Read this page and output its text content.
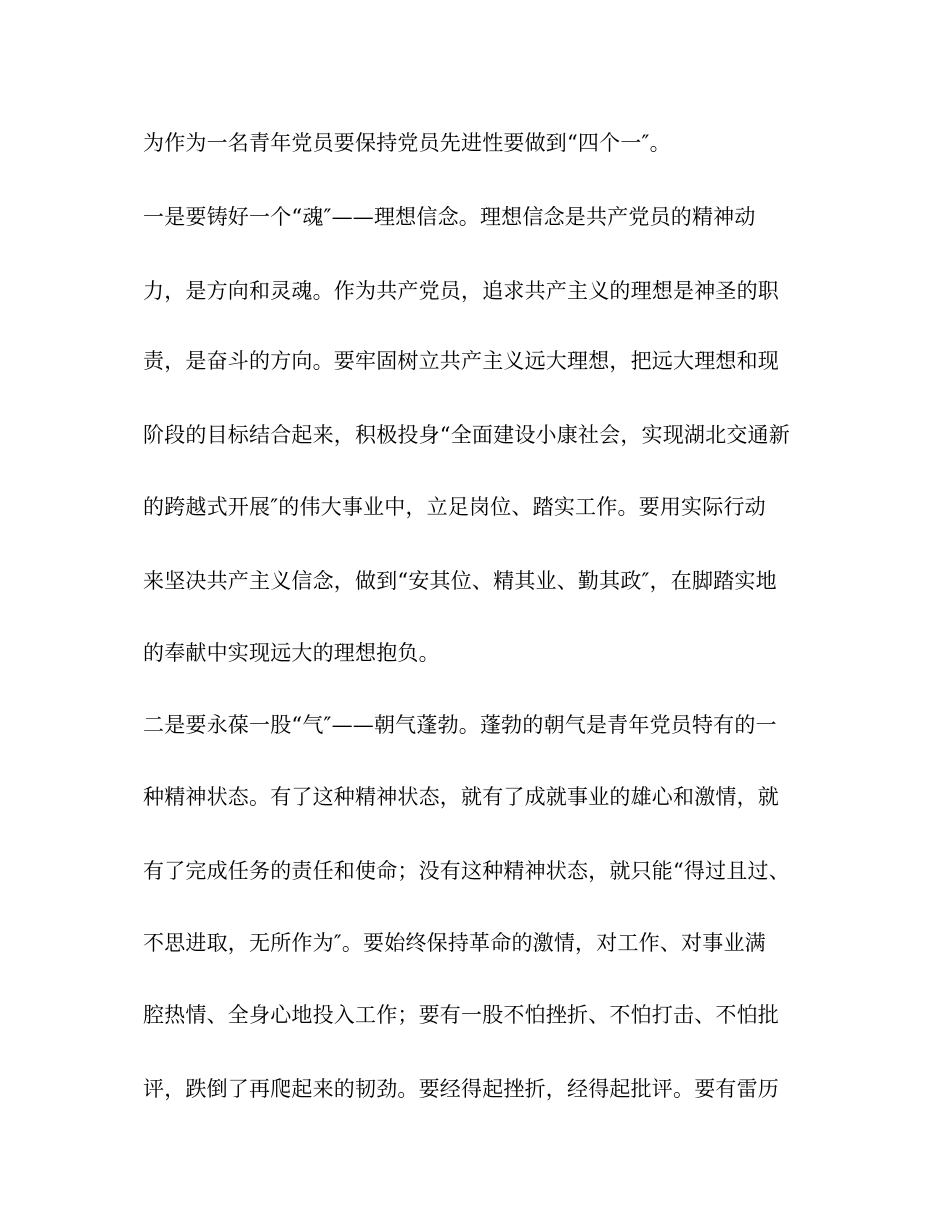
为作为一名青年党员要保持党员先进性要做到“四个一″。
一是要铸好一个“魂″——理想信念。理想信念是共产党员的精神动
力，是方向和灵魂。作为共产党员，追求共产主义的理想是神圣的职
责，是奋斗的方向。要牢固树立共产主义远大理想，把远大理想和现
阶段的目标结合起来，积极投身“全面建设小康社会，实现湖北交通新
的跨越式开展″的伟大事业中，立足岗位、踏实工作。要用实际行动
来坚决共产主义信念，做到“安其位、精其业、勤其政″，在脚踏实地
的奉献中实现远大的理想抱负。
二是要永葆一股“气″——朝气蓬勃。蓬勃的朝气是青年党员特有的一
种精神状态。有了这种精神状态，就有了成就事业的雄心和激情，就
有了完成任务的责任和使命；没有这种精神状态，就只能“得过且过、
不思进取，无所作为″。要始终保持革命的激情，对工作、对事业满
腔热情、全身心地投入工作；要有一股不怕挫折、不怕打击、不怕批
评，跌倒了再爬起来的韧劲。要经得起挫折，经得起批评。要有雷历
